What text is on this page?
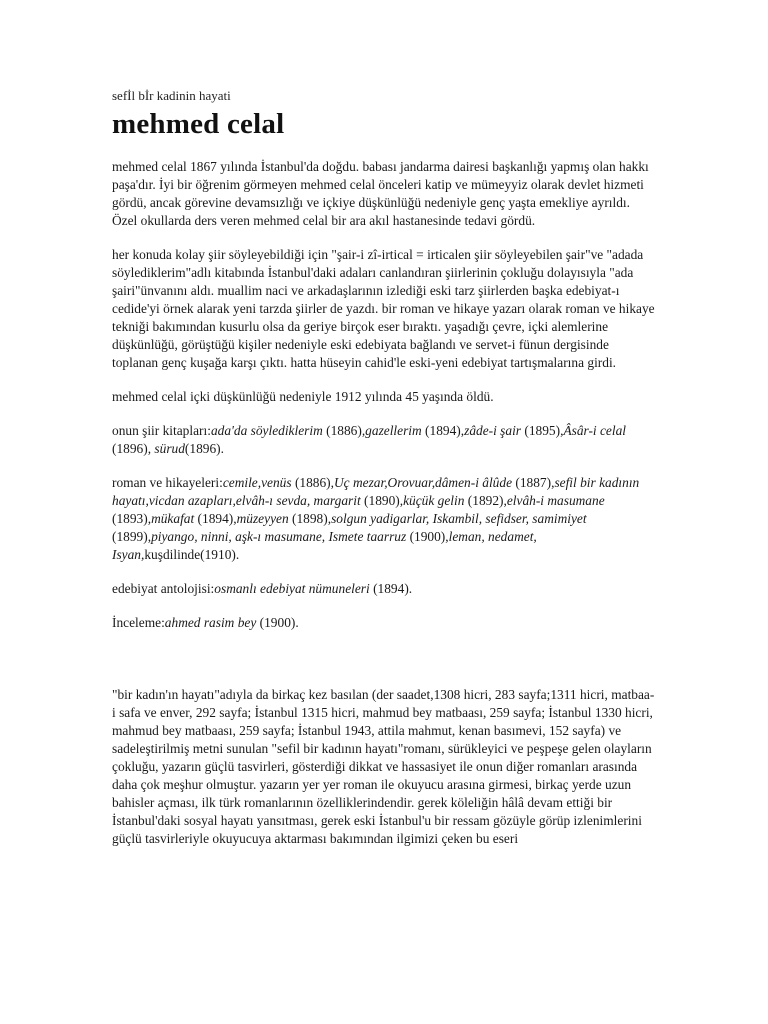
sefİl bİr kadinin hayati
mehmed celal

mehmed celal 1867 yılında İstanbul'da doğdu. babası jandarma dairesi başkanlığı yapmış olan hakkı paşa'dır. İyi bir öğrenim görmeyen mehmed celal önceleri katip ve mümeyyiz olarak devlet hizmeti gördü, ancak görevine devamsızlığı ve içkiye düşkünlüğü nedeniyle genç yaşta emekliye ayrıldı. Özel okullarda ders veren mehmed celal bir ara akıl hastanesinde tedavi gördü.

her konuda kolay şiir söyleyebildiği için "şair-i zî-irtical = irticalen şiir söyleyebilen şair"ve "adada söylediklerim"adlı kitabında İstanbul'daki adaları canlandıran şiirlerinin çokluğu dolayısıyla "ada şairi"ünvanını aldı. muallim naci ve arkadaşlarının izlediği eski tarz şiirlerden başka edebiyat-ı cedide'yi örnek alarak yeni tarzda şiirler de yazdı. bir roman ve hikaye yazarı olarak roman ve hikaye tekniği bakımından kusurlu olsa da geriye birçok eser bıraktı. yaşadığı çevre, içki alemlerine düşkünlüğü, görüştüğü kişiler nedeniyle eski edebiyata bağlandı ve servet-i fünun dergisinde toplanan genç kuşağa karşı çıktı. hatta hüseyin cahid'le eski-yeni edebiyat tartışmalarına girdi.

mehmed celal içki düşkünlüğü nedeniyle 1912 yılında 45 yaşında öldü.

onun şiir kitapları:ada'da söylediklerim (1886),gazellerim (1894),zâde-i şair (1895),Âsâr-i celal (1896), sürud(1896).

roman ve hikayeleri:cemile,venüs (1886),Uç mezar,Orovuar,dâmen-i âlûde (1887),sefil bir kadının hayatı,vicdan azapları,elvâh-ı sevda, margarit (1890),küçük gelin (1892),elvâh-i masumane (1893),mükafat (1894),müzeyyen (1898),solgun yadigarlar, Iskambil, sefidser, samimiyet (1899),piyango, ninni, aşk-ı masumane, Ismete taarruz (1900),leman, nedamet, Isyan,kuşdilinde(1910).

edebiyat antolojisi:osmanlı edebiyat nümuneleri (1894).

İnceleme:ahmed rasim bey (1900).

"bir kadın'ın hayatı"adıyla da birkaç kez basılan (der saadet,1308 hicri, 283 sayfa;1311 hicri, matbaa-i safa ve enver, 292 sayfa; İstanbul 1315 hicri, mahmud bey matbaası, 259 sayfa; İstanbul 1330 hicri, mahmud bey matbaası, 259 sayfa; İstanbul 1943, attila mahmut, kenan basımevi, 152 sayfa) ve sadeleştirilmiş metni sunulan "sefil bir kadının hayatı"romanı, sürükleyici ve peşpeşe gelen olayların çokluğu, yazarın güçlü tasvirleri, gösterdiği dikkat ve hassasiyet ile onun diğer romanları arasında daha çok meşhur olmuştur. yazarın yer yer roman ile okuyucu arasına girmesi, birkaç yerde uzun bahisler açması, ilk türk romanlarının özelliklerindendir. gerek köleliğin hâlâ devam ettiği bir İstanbul'daki sosyal hayatı yansıtması, gerek eski İstanbul'u bir ressam gözüyle görüp izlenimlerini güçlü tasvirleriyle okuyucuya aktarması bakımından ilgimizi çeken bu eseri
